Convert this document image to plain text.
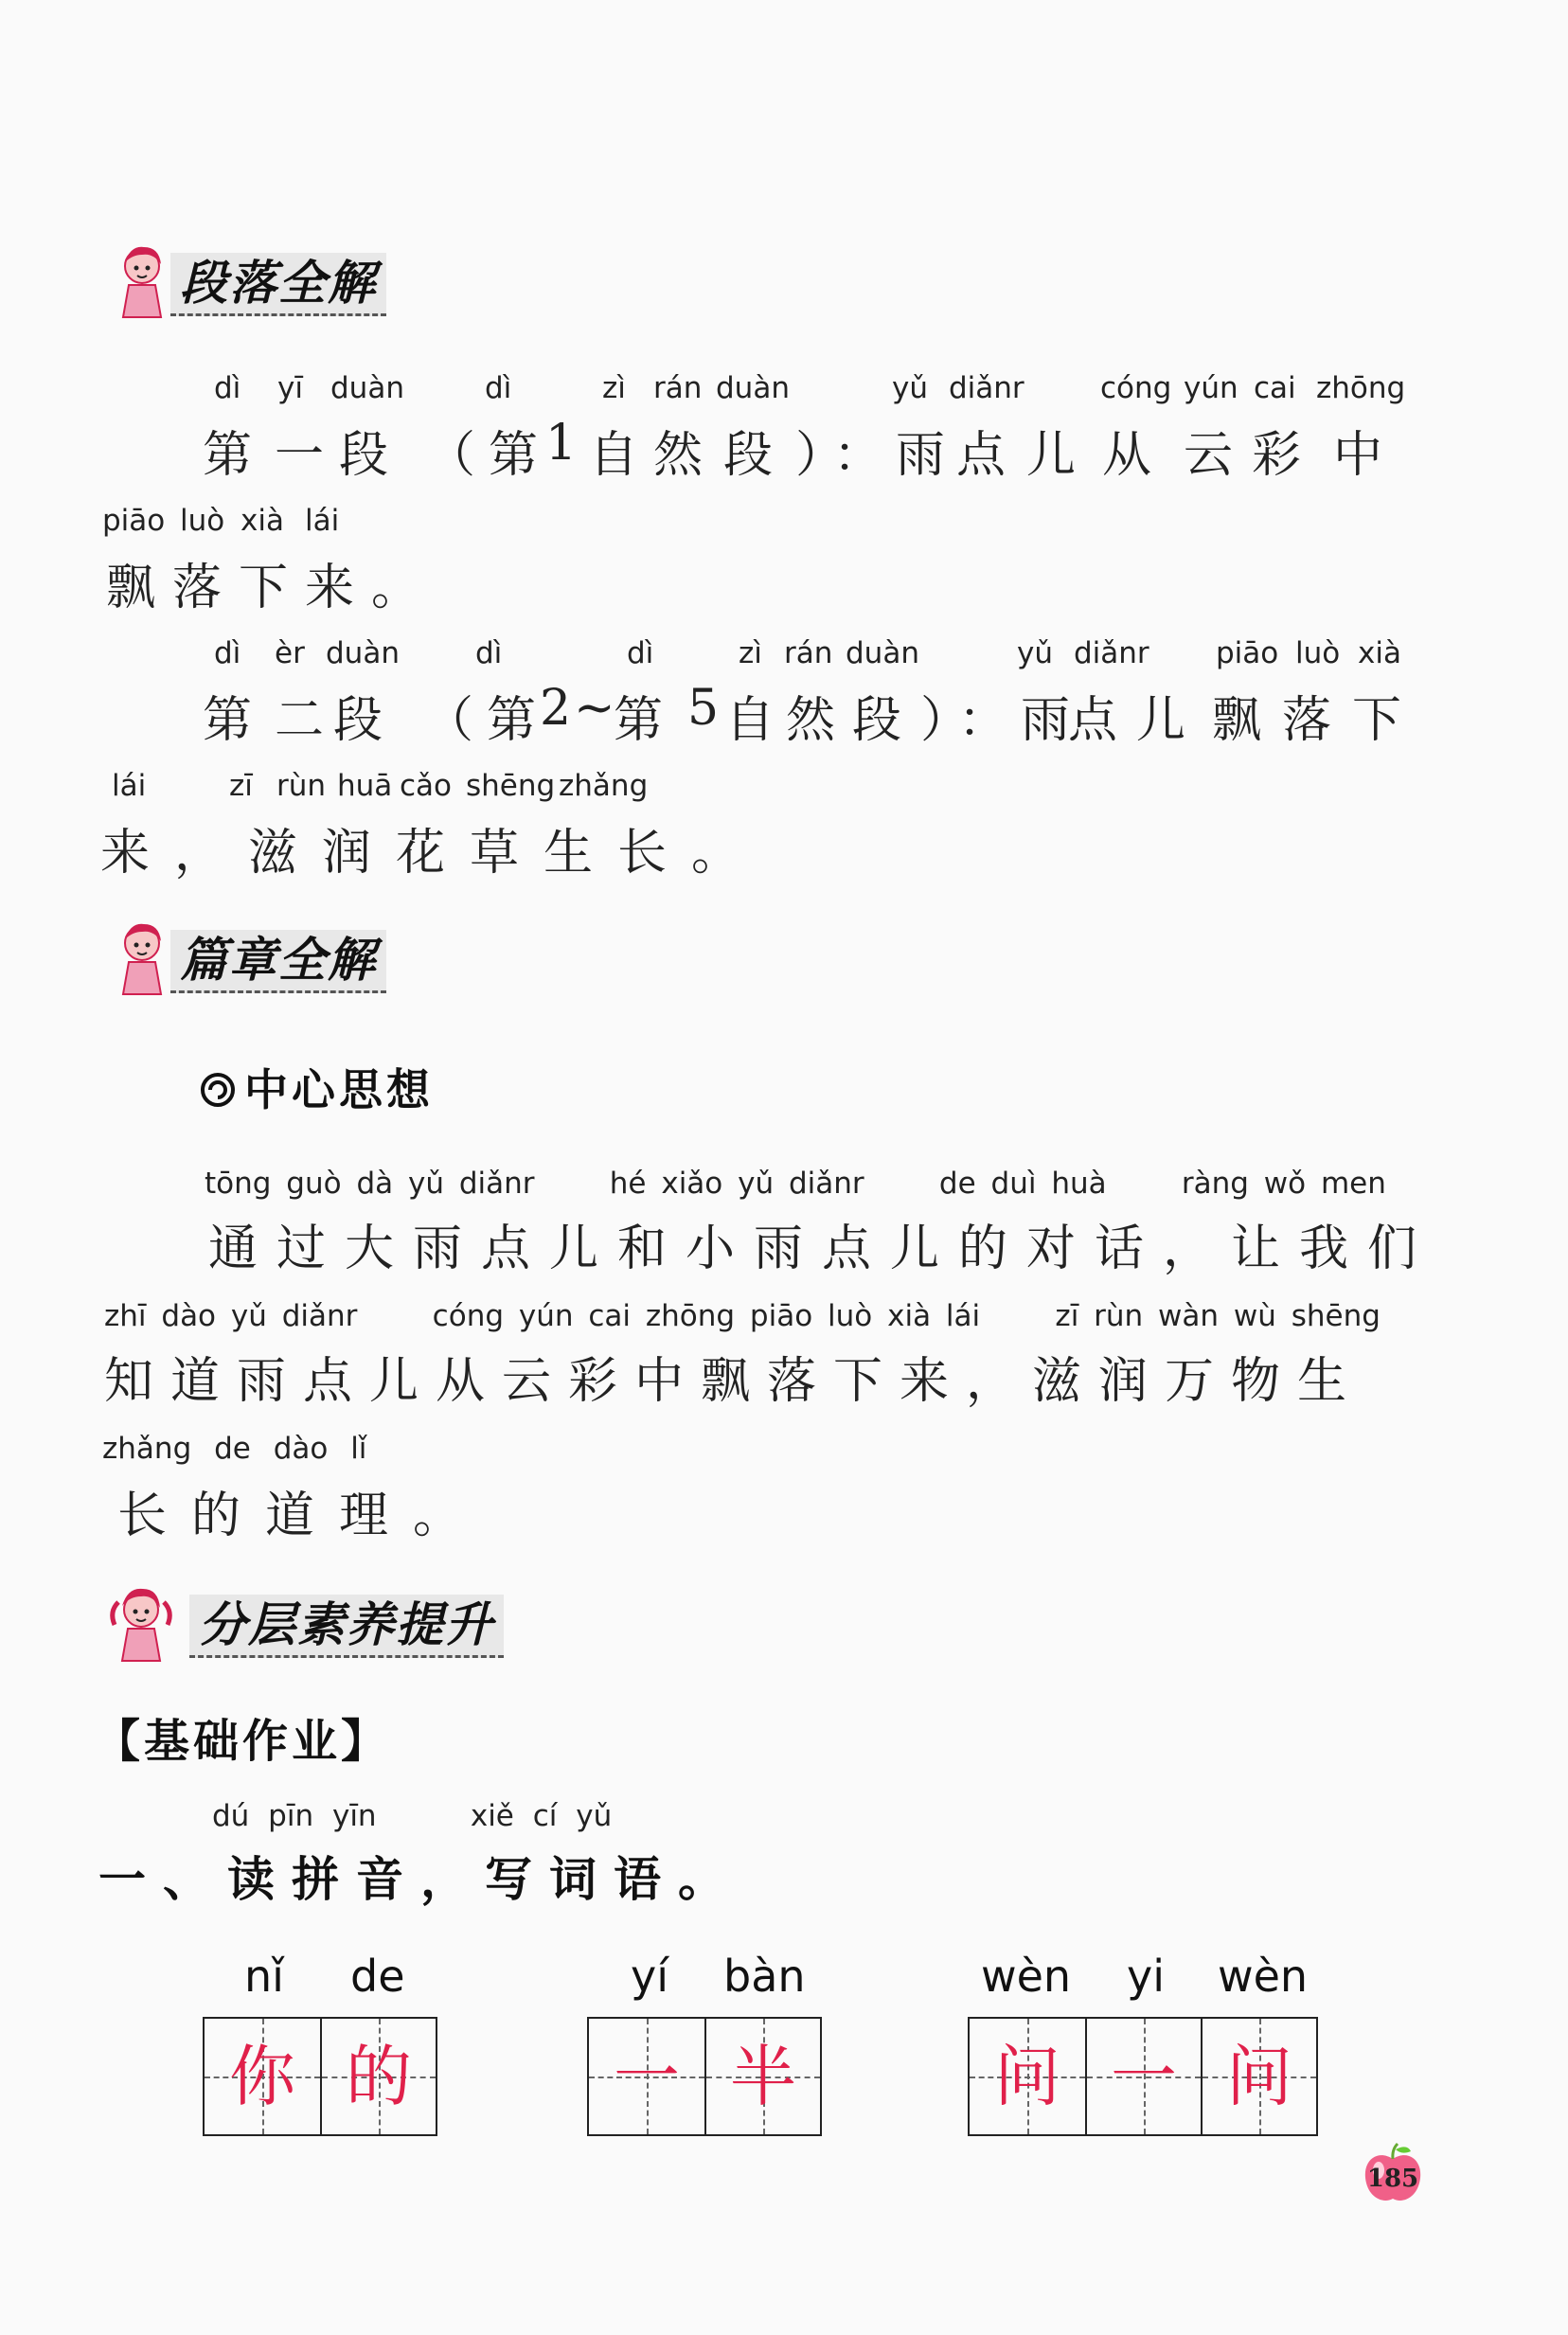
段落全解
dì yī duàn	dì	zì rán duàn	yǔ diǎnr	cóng yún cai zhōng
第 一 段 （第
1
自 然 段 ）：雨
点 儿 从 云 彩 中
piāo luò xià lái
飘落下来。
dì èr duàn	dì	dì	zì rán duàn	yǔ diǎnr piāo luò xià
第 二
段 （第
2
~
第 5
自
然 段 ）：雨
点 儿 飘 落 下
lái	zī rùn huā cǎo shēng zhǎng
来，滋润花草生长。
篇章全解
中心思想
tōng guò dà yǔ diǎnr     hé xiǎo yǔ diǎnr     de duì huà     ràng wǒ men
通过大雨点儿和小雨点儿的对话，让我们
zhī dào yǔ diǎnr     cóng yún cai zhōng piāo luò xià lái     zī rùn wàn wù shēng
知道雨点儿从云彩中飘落下来，滋润万物生
zhǎng de dào lǐ
长的道理。
分层素养提升
【基础作业】
dú pīn yīn     xiě cí yǔ
一、读拼音，写词语。
nǐ de
你 的
yí bàn
一 半
wèn yi wèn
问 一 问
185
